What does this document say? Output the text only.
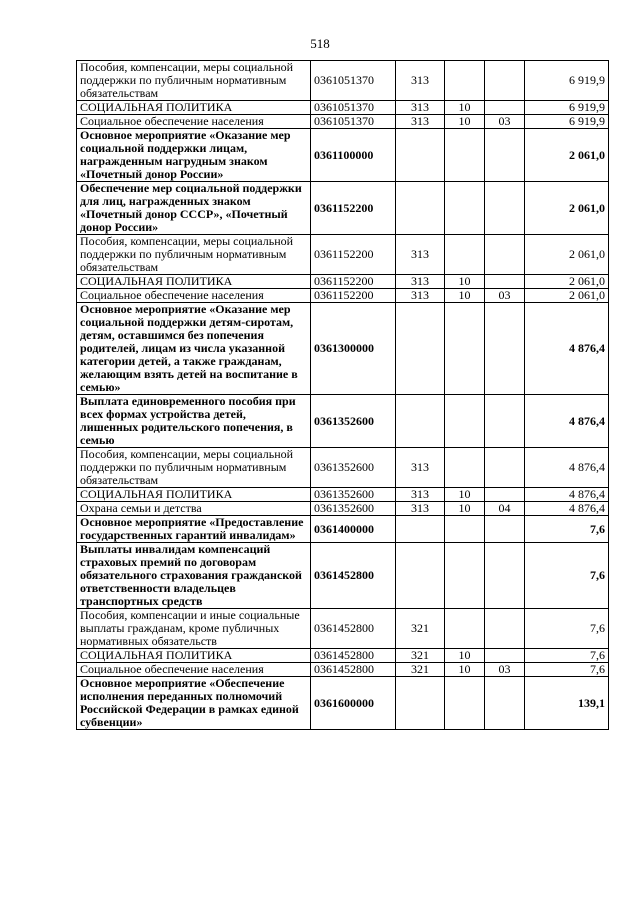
518
Пособия, компенсации, меры социальной поддержки по публичным нормативным обязательствам	0361051370	313			6 919,9
СОЦИАЛЬНАЯ ПОЛИТИКА	0361051370	313	10		6 919,9
Социальное обеспечение населения	0361051370	313	10	03	6 919,9
Основное мероприятие «Оказание мер социальной поддержки лицам, награжденным нагрудным знаком «Почетный донор России»	0361100000				2 061,0
Обеспечение мер социальной поддержки для лиц, награжденных знаком «Почетный донор СССР», «Почетный донор России»	0361152200				2 061,0
Пособия, компенсации, меры социальной поддержки по публичным нормативным обязательствам	0361152200	313			2 061,0
СОЦИАЛЬНАЯ ПОЛИТИКА	0361152200	313	10		2 061,0
Социальное обеспечение населения	0361152200	313	10	03	2 061,0
Основное мероприятие «Оказание мер социальной поддержки детям-сиротам, детям, оставшимся без попечения родителей, лицам из числа указанной категории детей, а также гражданам, желающим взять детей на воспитание в семью»	0361300000				4 876,4
Выплата единовременного пособия при всех формах устройства детей, лишенных родительского попечения, в семью	0361352600				4 876,4
Пособия, компенсации, меры социальной поддержки по публичным нормативным обязательствам	0361352600	313			4 876,4
СОЦИАЛЬНАЯ ПОЛИТИКА	0361352600	313	10		4 876,4
Охрана семьи и детства	0361352600	313	10	04	4 876,4
Основное мероприятие «Предоставление государственных гарантий инвалидам»	0361400000				7,6
Выплаты инвалидам компенсаций страховых премий по договорам обязательного страхования гражданской ответственности владельцев транспортных средств	0361452800				7,6
Пособия, компенсации и иные социальные выплаты гражданам, кроме публичных нормативных обязательств	0361452800	321			7,6
СОЦИАЛЬНАЯ ПОЛИТИКА	0361452800	321	10		7,6
Социальное обеспечение населения	0361452800	321	10	03	7,6
Основное мероприятие «Обеспечение исполнения переданных полномочий Российской Федерации в рамках единой субвенции»	0361600000				139,1
